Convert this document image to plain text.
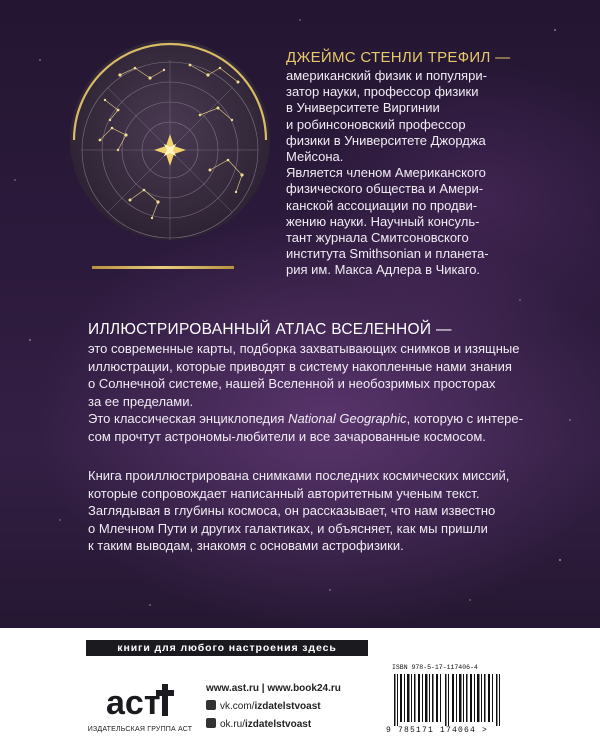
ДЖЕЙМС СТЕНЛИ ТРЕФИЛ —

американский физик и популяри-
затор науки, профессор физики
в Университете Виргинии
и робинсоновский профессор
физики в Университете Джорджа
Мейсона.
Является членом Американского
физического общества и Амери-
канской ассоциации по продви-
жению науки. Научный консуль-
тант журнала Смитсоновского
института Smithsonian и планета-
рия им. Макса Адлера в Чикаго.

ИЛЛЮСТРИРОВАННЫЙ АТЛАС ВСЕЛЕННОЙ —

это современные карты, подборка захватывающих снимков и изящные
иллюстрации, которые приводят в систему накопленные нами знания
о Солнечной системе, нашей Вселенной и необозримых просторах
за ее пределами.

Это классическая энциклопедия National Geographic, которую с интере-
сом прочтут астрономы-любители и все зачарованные космосом.

Книга проиллюстрирована снимками последних космических миссий,
которые сопровождает написанный авторитетным ученым текст.
Заглядывая в глубины космоса, он рассказывает, что нам известно
о Млечном Пути и других галактиках, и объясняет, как мы пришли
к таким выводам, знакомя с основами астрофизики.

книги для любого настроения здесь
аст
ИЗДАТЕЛЬСКАЯ ГРУППА АСТ
www.ast.ru | www.book24.ru
vk.com/izdatelstvoast
ok.ru/izdatelstvoast
ISBN 978-5-17-117406-4
9 785171 174064 >
